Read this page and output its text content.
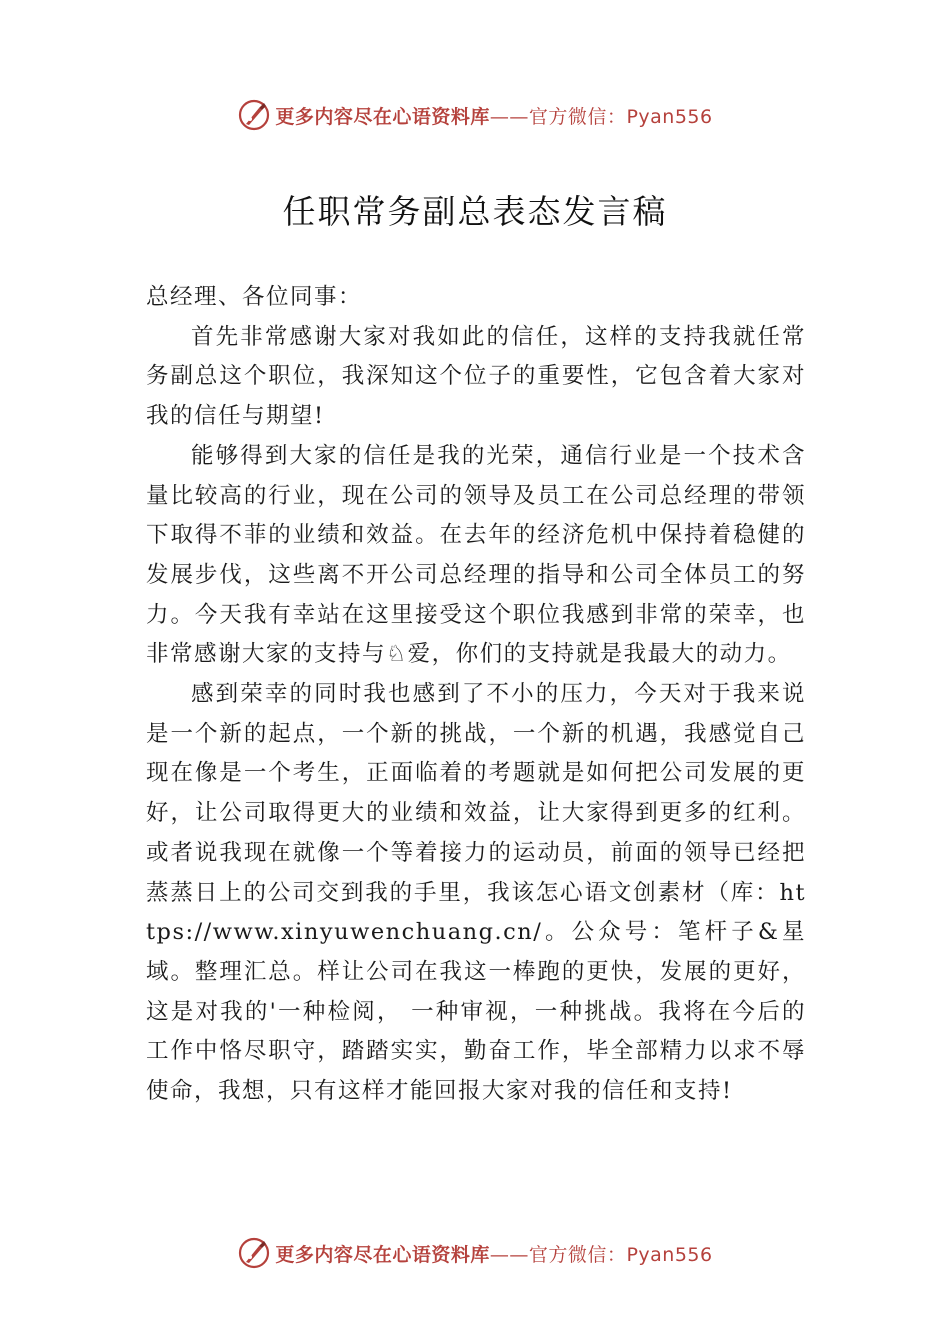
更多内容尽在心语资料库——官方微信：Pyan556
任职常务副总表态发言稿

总经理、各位同事：

首先非常感谢大家对我如此的信任，这样的支持我就任常务副总这个职位，我深知这个位子的重要性，它包含着大家对我的信任与期望!

能够得到大家的信任是我的光荣，通信行业是一个技术含量比较高的行业，现在公司的领导及员工在公司总经理的带领下取得不菲的业绩和效益。在去年的经济危机中保持着稳健的发展步伐，这些离不开公司总经理的指导和公司全体员工的努力。今天我有幸站在这里接受这个职位我感到非常的荣幸，也非常感谢大家的支持与♘爱，你们的支持就是我最大的动力。

感到荣幸的同时我也感到了不小的压力，今天对于我来说是一个新的起点，一个新的挑战，一个新的机遇，我感觉自己现在像是一个考生，正面临着的考题就是如何把公司发展的更好，让公司取得更大的业绩和效益，让大家得到更多的红利。或者说我现在就像一个等着接力的运动员，前面的领导已经把蒸蒸日上的公司交到我的手里，我该怎心语文创素材（库：https://www.xinyuwenchuang.cn/。公众号：笔杆子&星域。整理汇总。样让公司在我这一棒跑的更快，发展的更好，这是对我的'一种检阅， 一种审视，一种挑战。我将在今后的工作中恪尽职守，踏踏实实，勤奋工作，毕全部精力以求不辱使命，我想，只有这样才能回报大家对我的信任和支持!

更多内容尽在心语资料库——官方微信：Pyan556
